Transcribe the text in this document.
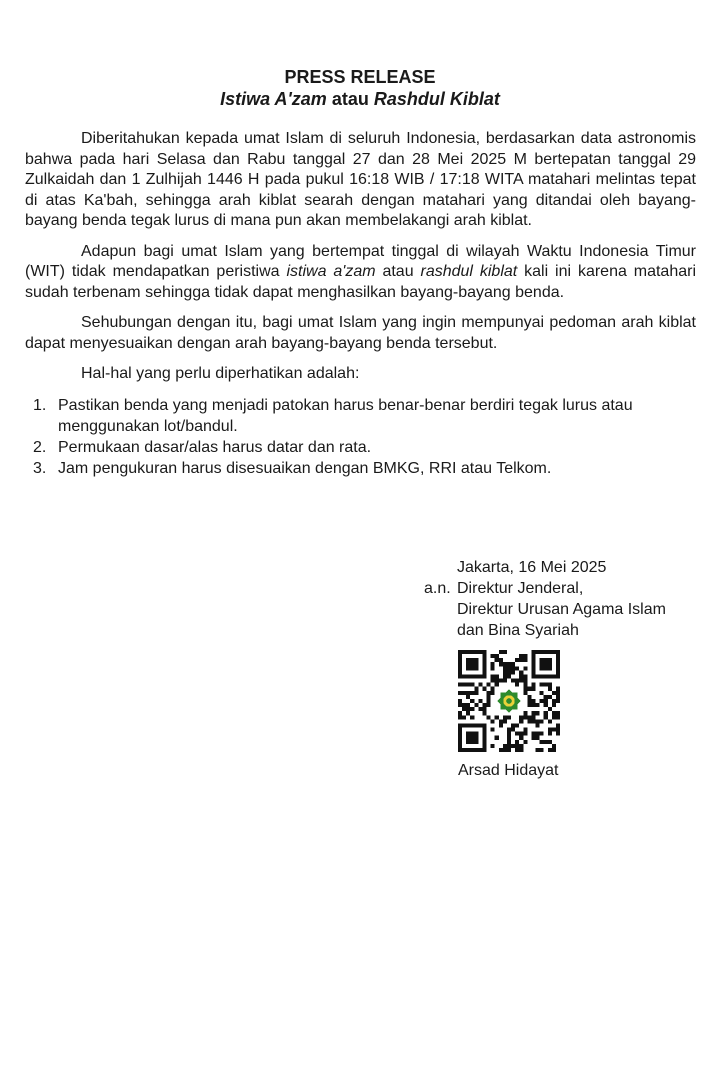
PRESS RELEASE

Istiwa A'zam atau Rashdul Kiblat

Diberitahukan kepada umat Islam di seluruh Indonesia, berdasarkan data astronomis bahwa pada hari Selasa dan Rabu tanggal 27 dan 28 Mei 2025 M bertepatan tanggal 29 Zulkaidah dan 1 Zulhijah 1446 H pada pukul 16:18 WIB / 17:18 WITA matahari melintas tepat di atas Ka'bah, sehingga arah kiblat searah dengan matahari yang ditandai oleh bayang-bayang benda tegak lurus di mana pun akan membelakangi arah kiblat.

Adapun bagi umat Islam yang bertempat tinggal di wilayah Waktu Indonesia Timur (WIT) tidak mendapatkan peristiwa istiwa a'zam atau rashdul kiblat kali ini karena matahari sudah terbenam sehingga tidak dapat menghasilkan bayang-bayang benda.

Sehubungan dengan itu, bagi umat Islam yang ingin mempunyai pedoman arah kiblat dapat menyesuaikan dengan arah bayang-bayang benda tersebut.

Hal-hal yang perlu diperhatikan adalah:

1. Pastikan benda yang menjadi patokan harus benar-benar berdiri tegak lurus atau menggunakan lot/bandul.
2. Permukaan dasar/alas harus datar dan rata.
3. Jam pengukuran harus disesuaikan dengan BMKG, RRI atau Telkom.
Jakarta, 16 Mei 2025
a.n. Direktur Jenderal,
Direktur Urusan Agama Islam
dan Bina Syariah
Arsad Hidayat
